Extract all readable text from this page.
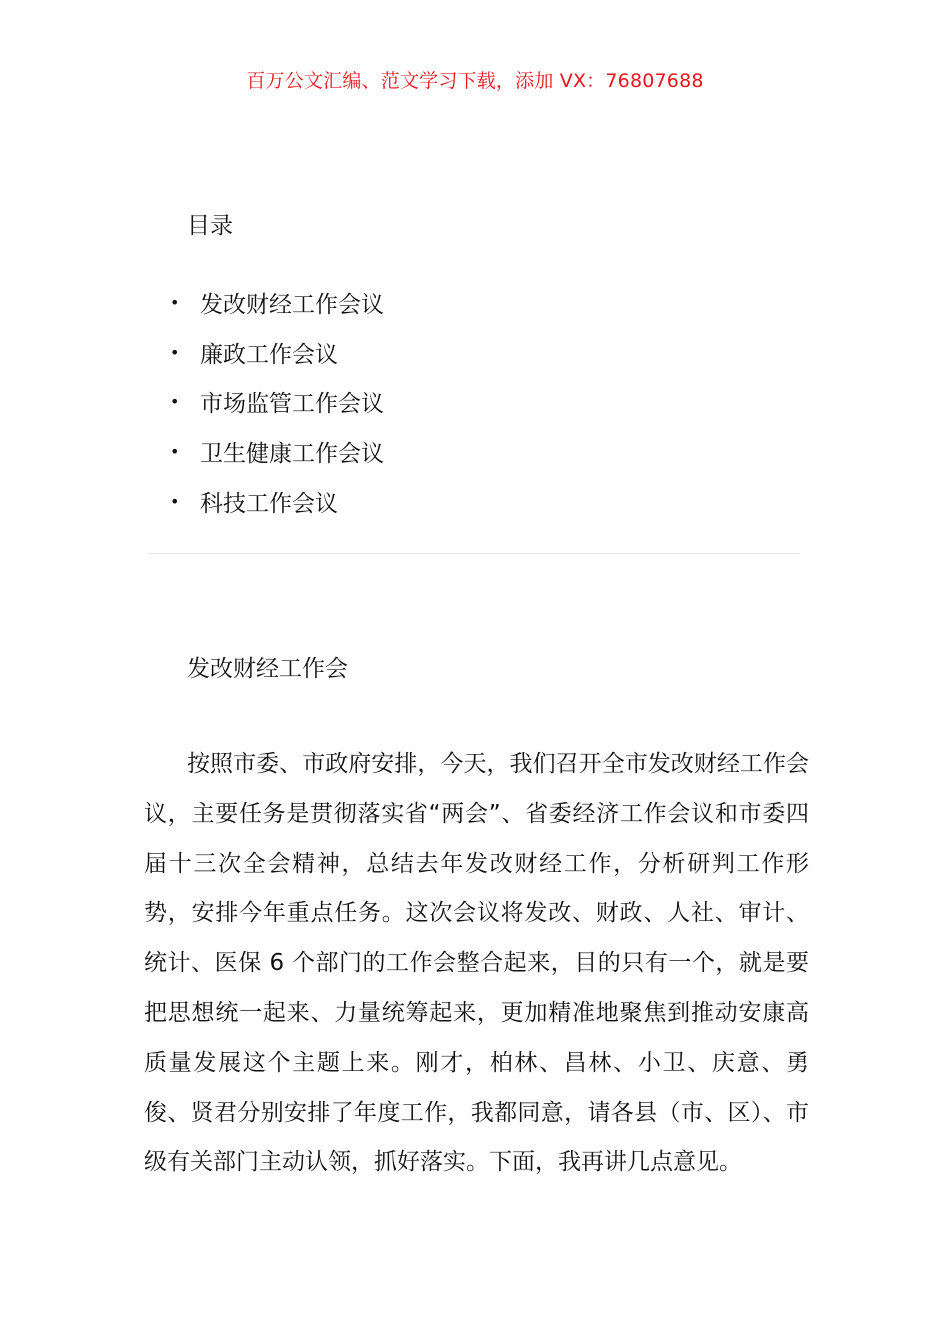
百万公文汇编、范文学习下载，添加 VX：76807688
目录
• 发改财经工作会议
• 廉政工作会议
• 市场监管工作会议
• 卫生健康工作会议
• 科技工作会议
发改财经工作会

按照市委、市政府安排，今天，我们召开全市发改财经工作会议，主要任务是贯彻落实省“两会”、省委经济工作会议和市委四届十三次全会精神，总结去年发改财经工作，分析研判工作形势，安排今年重点任务。这次会议将发改、财政、人社、审计、统计、医保 6 个部门的工作会整合起来，目的只有一个，就是要把思想统一起来、力量统筹起来，更加精准地聚焦到推动安康高质量发展这个主题上来。刚才，柏林、昌林、小卫、庆意、勇俊、贤君分别安排了年度工作，我都同意，请各县（市、区）、市级有关部门主动认领，抓好落实。下面，我再讲几点意见。
